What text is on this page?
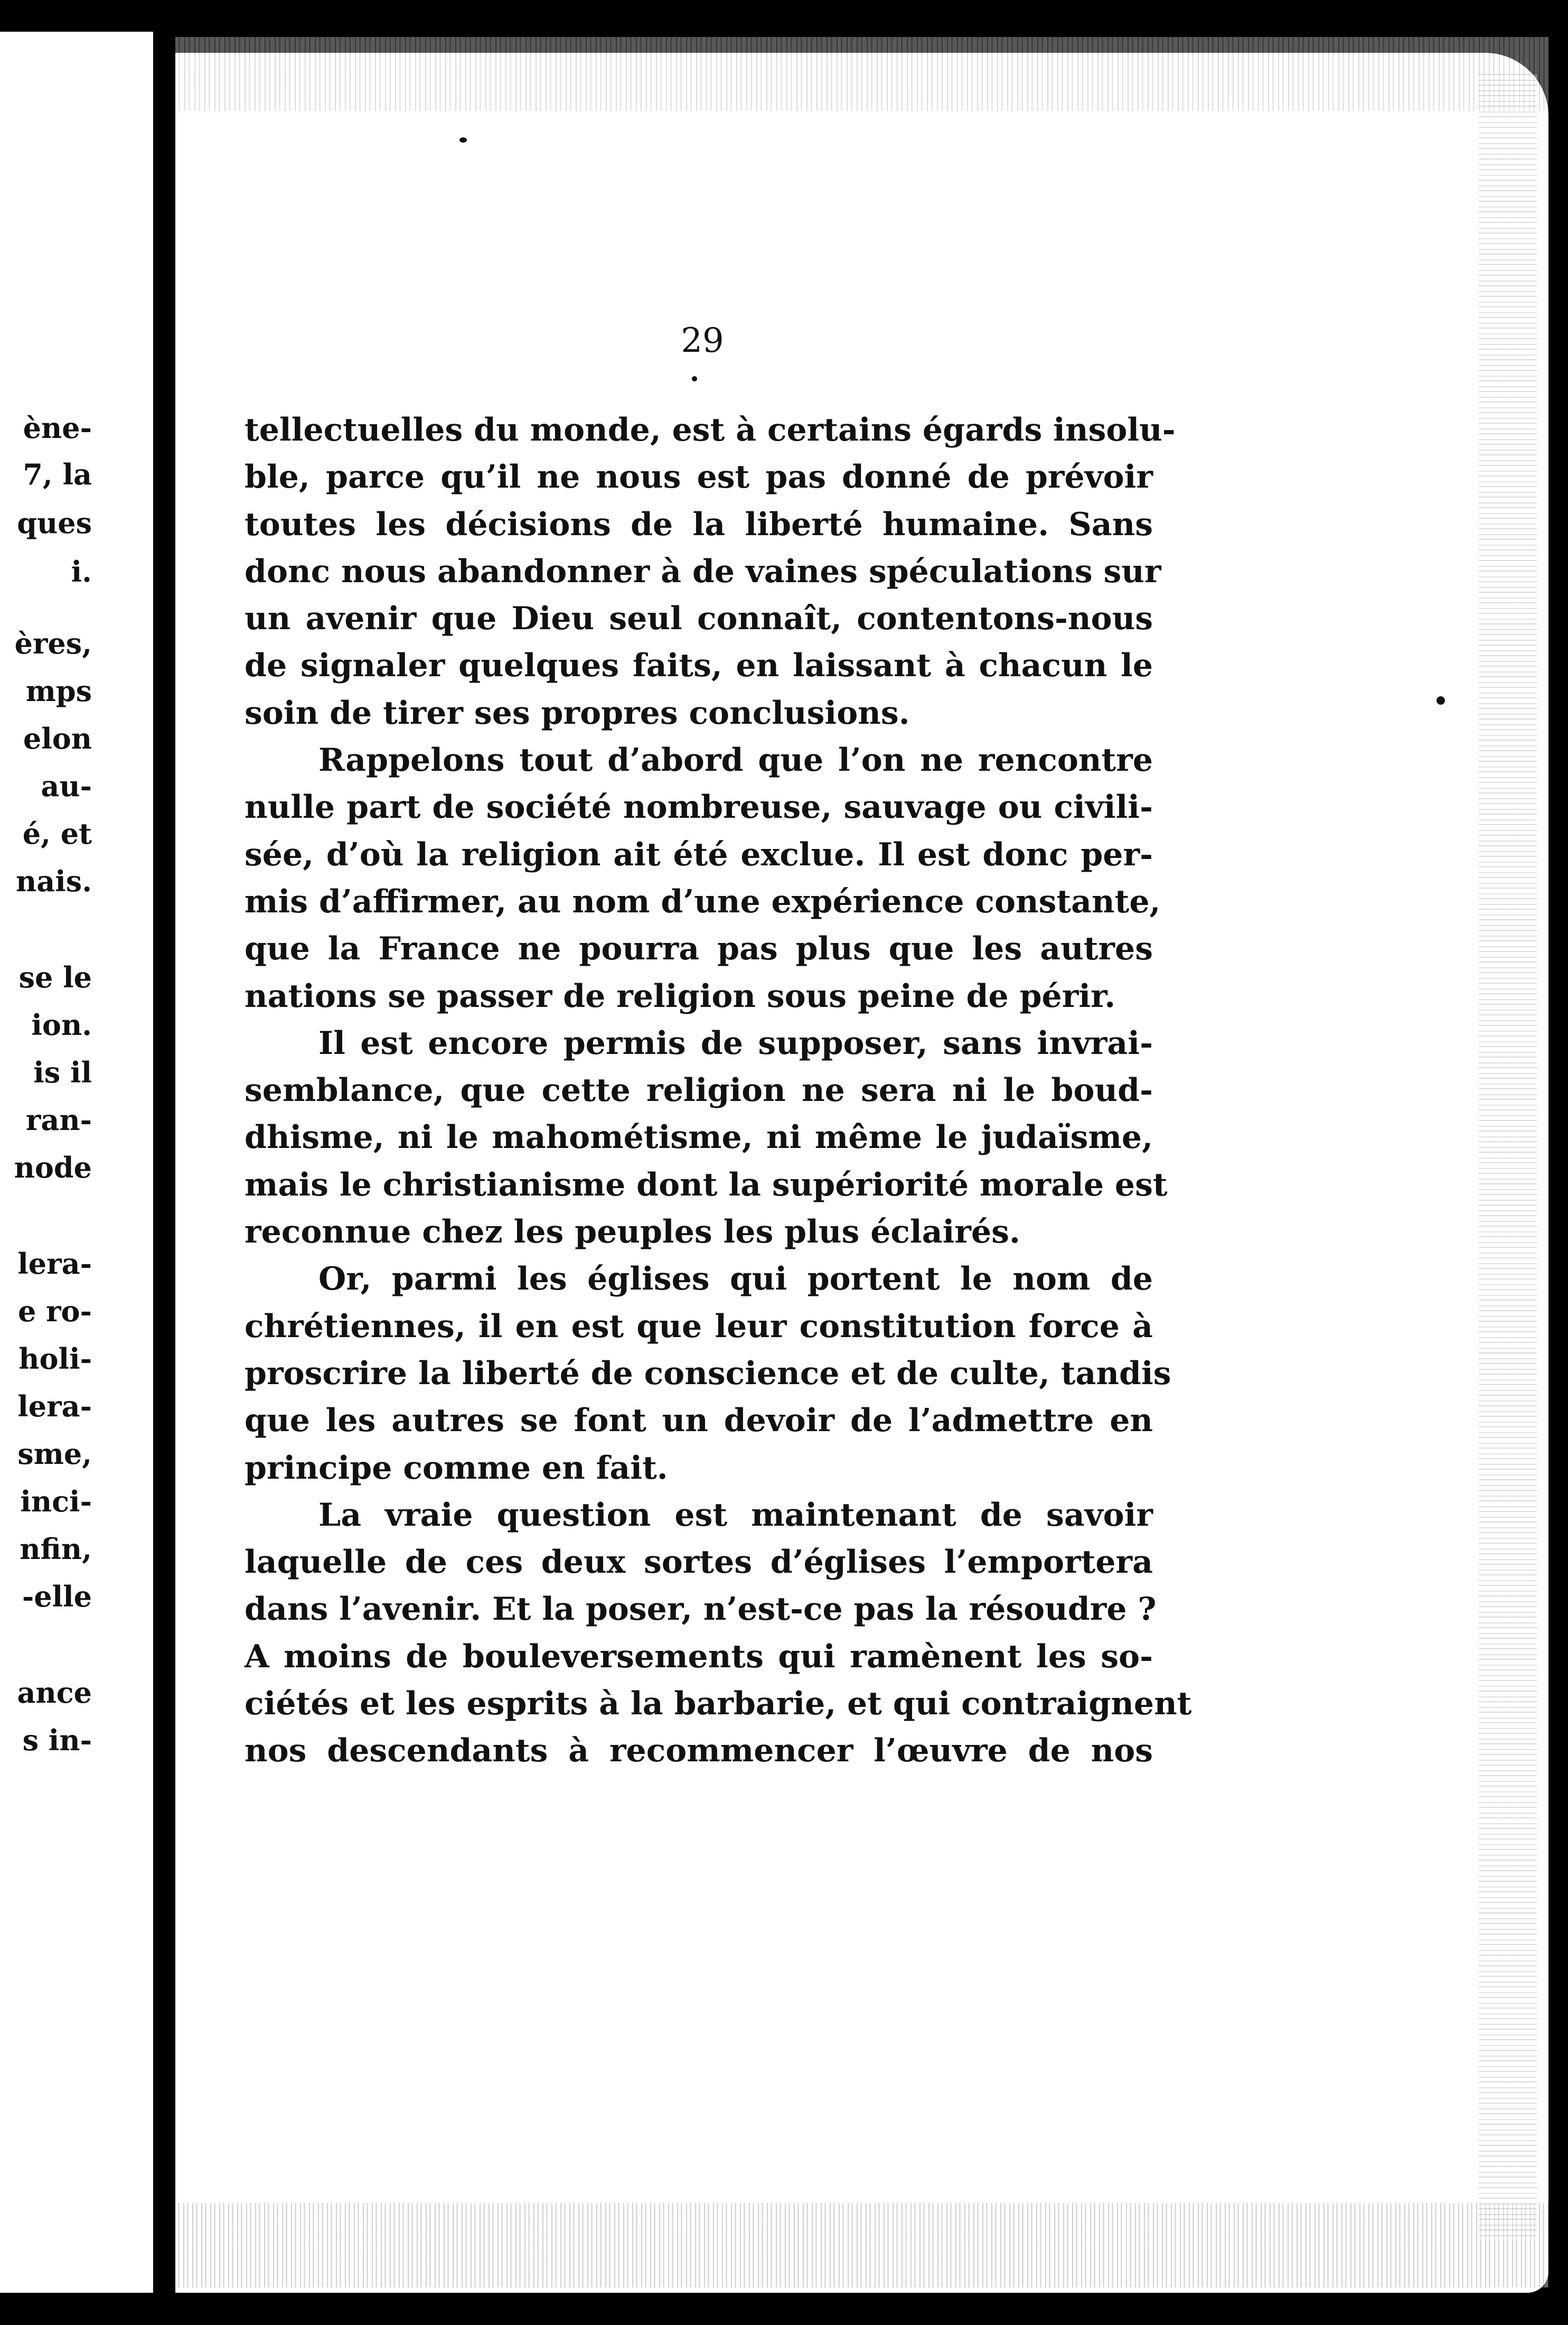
ène-
7, la
ques
i.
ères,
mps
elon
au-
é, et
nais.
se le
ion.
is il
ran-
node
lera-
e ro-
holi-
lera-
sme,
inci-
nfin,
-elle
ance
s in-
29
tellectuelles du monde, est à certains égards insolu-
ble, parce qu’il ne nous est pas donné de prévoir
toutes les décisions de la liberté humaine. Sans
donc nous abandonner à de vaines spéculations sur
un avenir que Dieu seul connaît, contentons-nous
de signaler quelques faits, en laissant à chacun le
soin de tirer ses propres conclusions.
Rappelons tout d’abord que l’on ne rencontre
nulle part de société nombreuse, sauvage ou civili-
sée, d’où la religion ait été exclue. Il est donc per-
mis d’affirmer, au nom d’une expérience constante,
que la France ne pourra pas plus que les autres
nations se passer de religion sous peine de périr.
Il est encore permis de supposer, sans invrai-
semblance, que cette religion ne sera ni le boud-
dhisme, ni le mahométisme, ni même le judaïsme,
mais le christianisme dont la supériorité morale est
reconnue chez les peuples les plus éclairés.
Or, parmi les églises qui portent le nom de
chrétiennes, il en est que leur constitution force à
proscrire la liberté de conscience et de culte, tandis
que les autres se font un devoir de l’admettre en
principe comme en fait.
La vraie question est maintenant de savoir
laquelle de ces deux sortes d’églises l’emportera
dans l’avenir. Et la poser, n’est-ce pas la résoudre ?
A moins de bouleversements qui ramènent les so-
ciétés et les esprits à la barbarie, et qui contraignent
nos descendants à recommencer l’œuvre de nos
